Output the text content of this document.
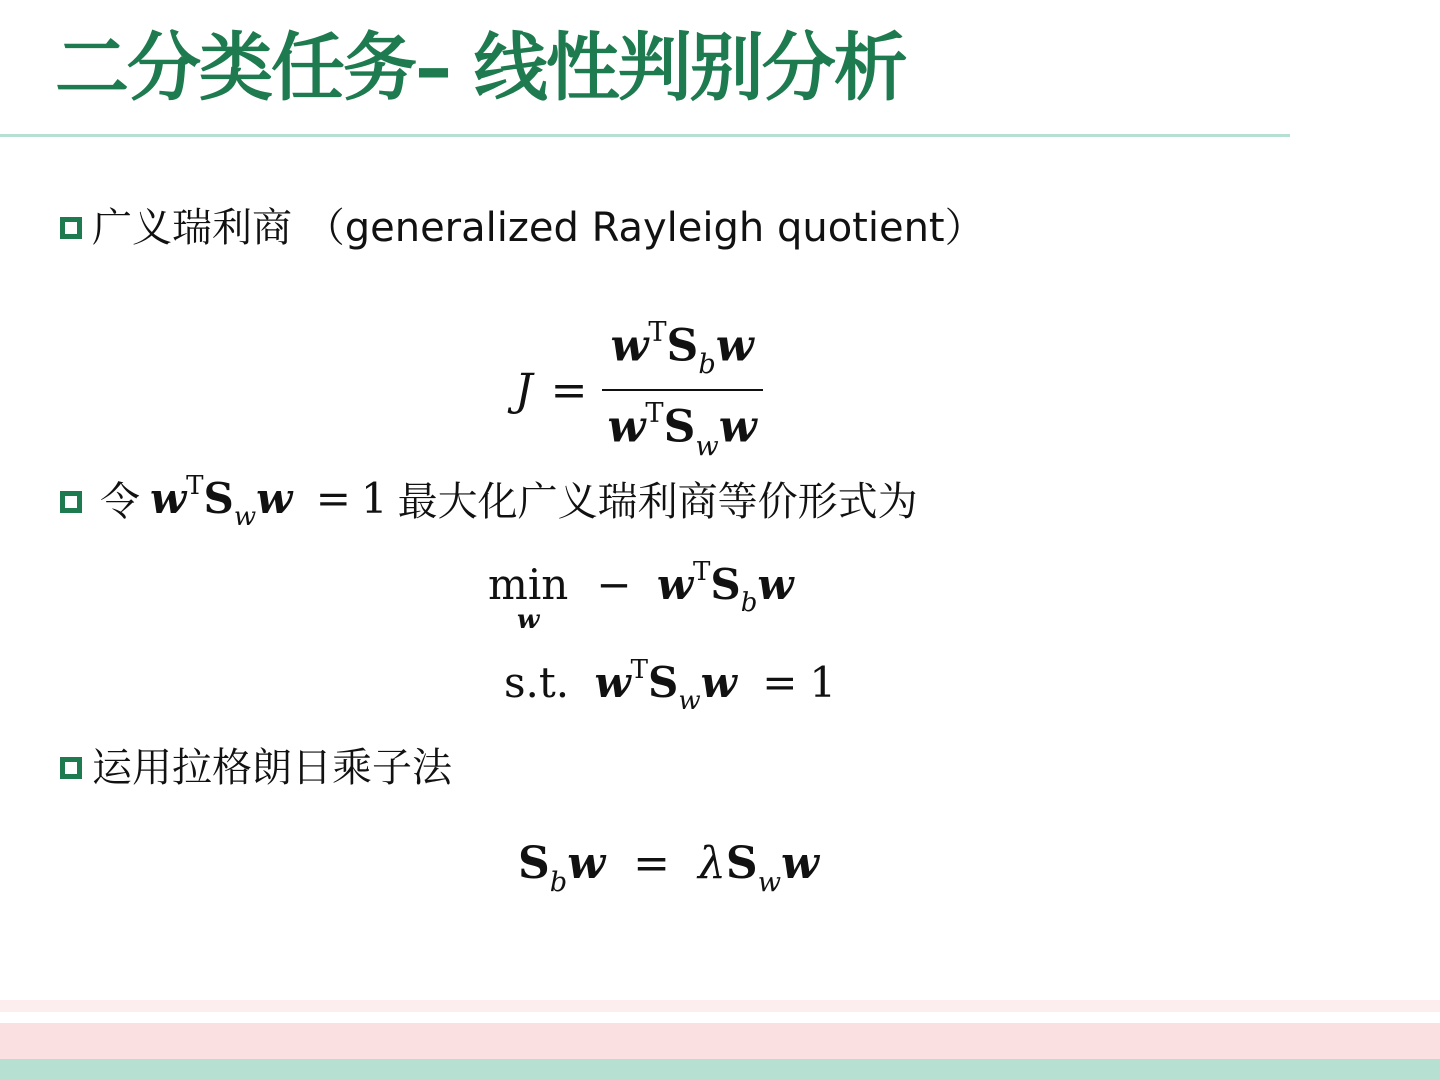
二分类任务– 线性判别分析
广义瑞利商 （generalized Rayleigh quotient）
$J = \frac{w^TS_bw}{w^TS_ww}$
令 $w^TS_ww = 1$ 最大化广义瑞利商等价形式为
min
w
− $w^TS_bw$
s.t. $w^TS_ww = 1$
运用拉格朗日乘子法
$S_bw = \lambda S_ww$
